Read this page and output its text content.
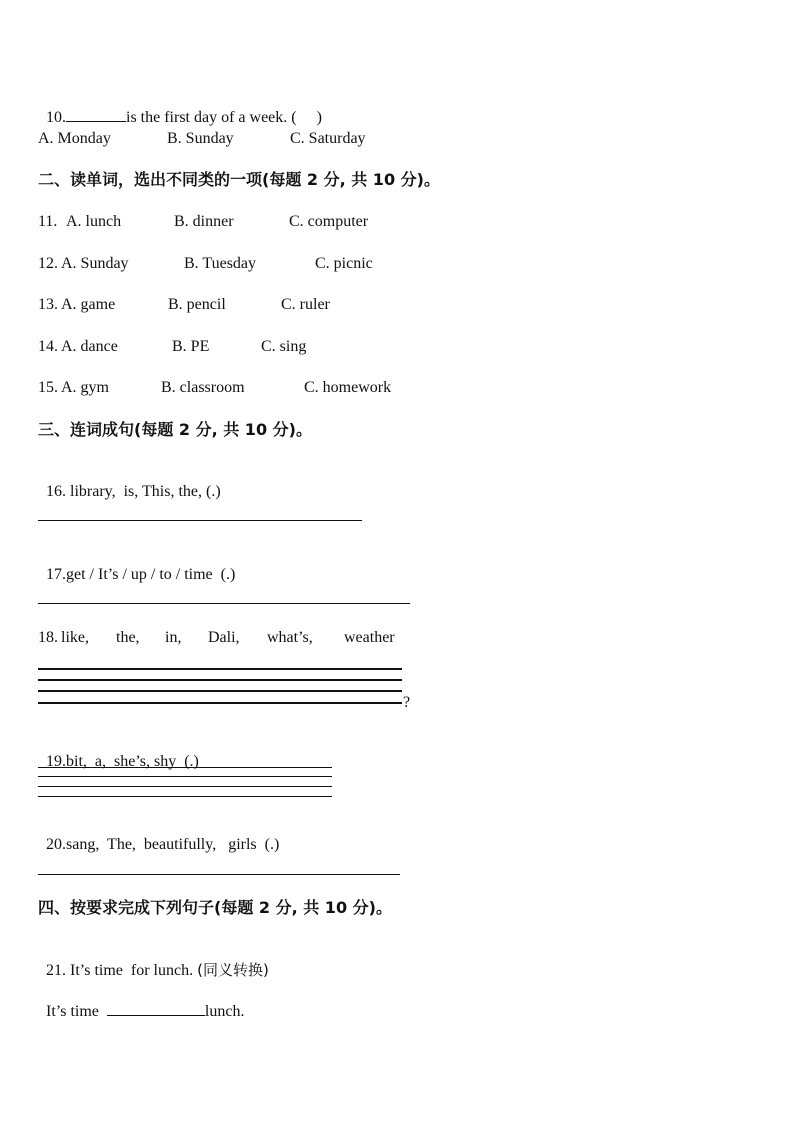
10.	is the first day of a week. (     )

A. Monday	B. Sunday	C. Saturday
二、读单词，选出不同类的一项(每题 2 分, 共 10 分)。
11. A. lunch	B. dinner	C. computer
12. A. Sunday	B. Tuesday	C. picnic
13. A. game	B. pencil	C. ruler
14. A. dance	B. PE	C. sing
15. A. gym	B. classroom	C. homework
三、连词成句(每题 2 分, 共 10 分)。

16. library,  is, This, the, (.)

17.get / It’s / up / to / time  (.)

18. like, the, in, Dali, what’s, weather
?

19.bit,  a,  she’s, shy  (.)

20.sang,  The,  beautifully,   girls  (.)

四、按要求完成下列句子(每题 2 分, 共 10 分)。

21. It’s time  for lunch. (同义转换)

It’s time	lunch.
